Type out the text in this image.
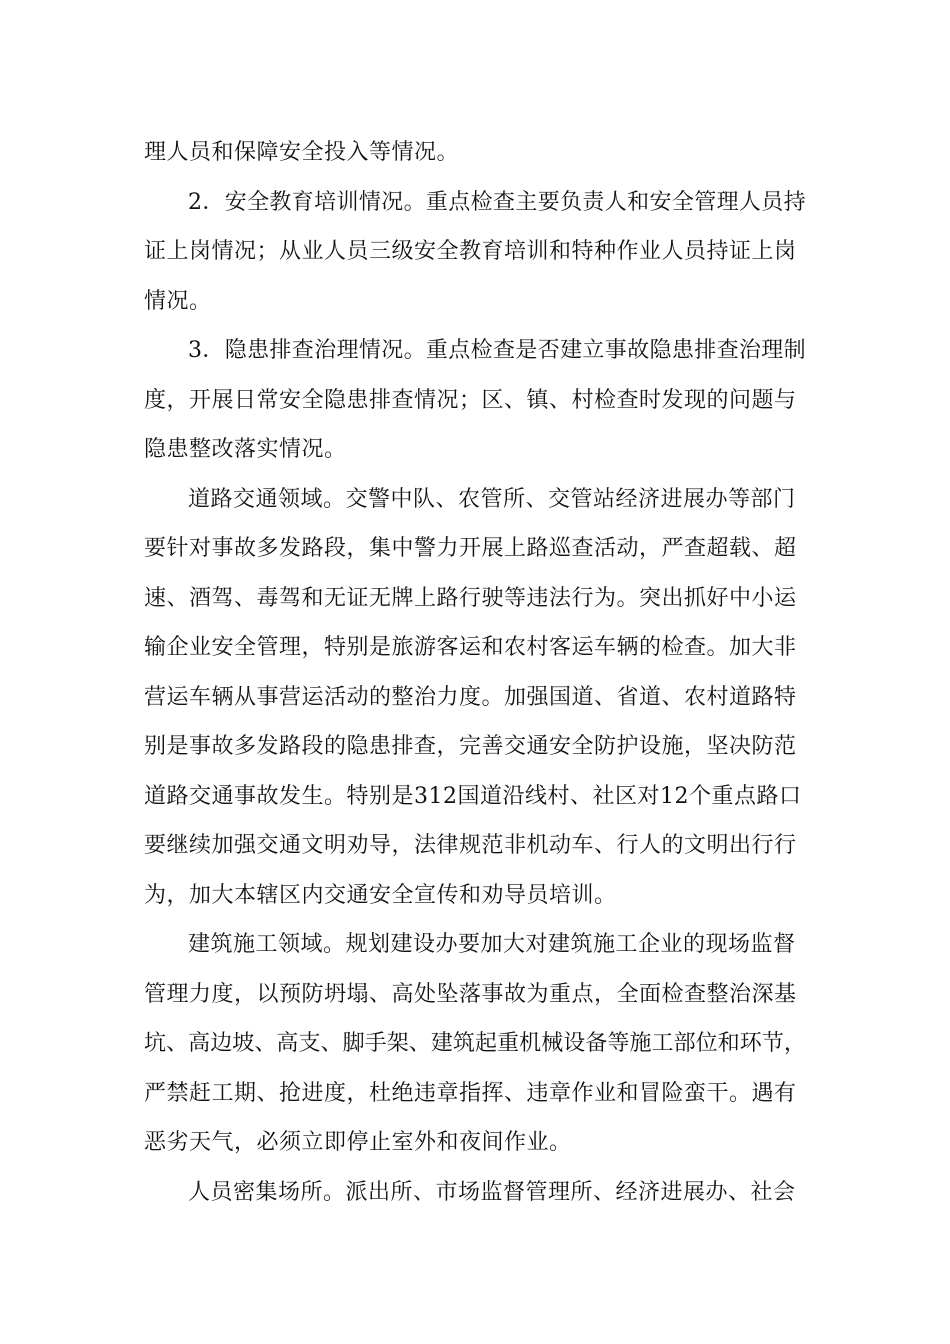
理人员和保障安全投入等情况。
2．安全教育培训情况。重点检查主要负责人和安全管理人员持
证上岗情况；从业人员三级安全教育培训和特种作业人员持证上岗
情况。
3．隐患排查治理情况。重点检查是否建立事故隐患排查治理制
度，开展日常安全隐患排查情况；区、镇、村检查时发现的问题与
隐患整改落实情况。
道路交通领域。交警中队、农管所、交管站经济进展办等部门
要针对事故多发路段，集中警力开展上路巡查活动，严查超载、超
速、酒驾、毒驾和无证无牌上路行驶等违法行为。突出抓好中小运
输企业安全管理，特别是旅游客运和农村客运车辆的检查。加大非
营运车辆从事营运活动的整治力度。加强国道、省道、农村道路特
别是事故多发路段的隐患排查，完善交通安全防护设施，坚决防范
道路交通事故发生。特别是312国道沿线村、社区对12个重点路口
要继续加强交通文明劝导，法律规范非机动车、行人的文明出行行
为，加大本辖区内交通安全宣传和劝导员培训。
建筑施工领域。规划建设办要加大对建筑施工企业的现场监督
管理力度，以预防坍塌、高处坠落事故为重点，全面检查整治深基
坑、高边坡、高支、脚手架、建筑起重机械设备等施工部位和环节，
严禁赶工期、抢进度，杜绝违章指挥、违章作业和冒险蛮干。遇有
恶劣天气，必须立即停止室外和夜间作业。
人员密集场所。派出所、市场监督管理所、经济进展办、社会
